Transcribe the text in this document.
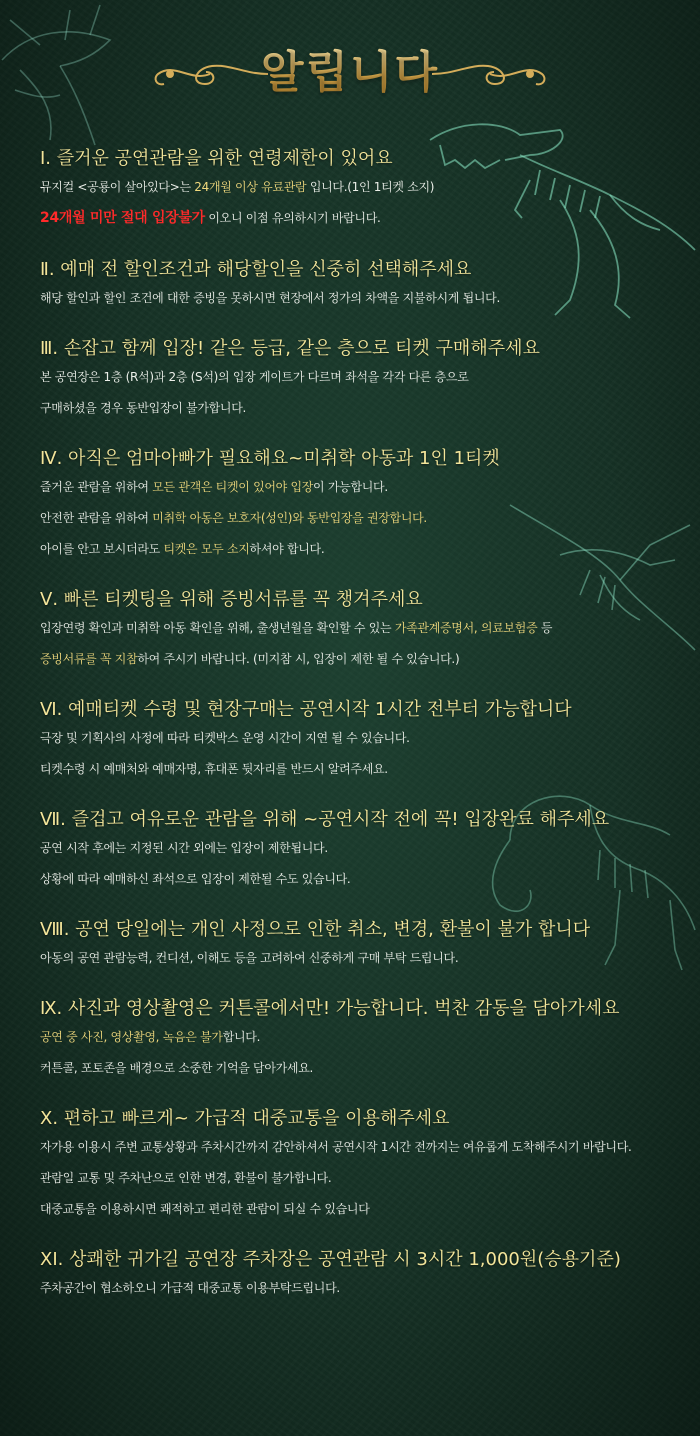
알립니다
Ⅰ. 즐거운 공연관람을 위한 연령제한이 있어요
뮤지컬 <공룡이 살아있다>는 24개월 이상 유료관람 입니다.(1인 1티켓 소지)
24개월 미만 절대 입장불가 이오니 이점 유의하시기 바랍니다.
Ⅱ. 예매 전 할인조건과 해당할인을 신중히 선택해주세요
해당 할인과 할인 조건에 대한 증빙을 못하시면 현장에서 정가의 차액을 지불하시게 됩니다.
Ⅲ. 손잡고 함께 입장! 같은 등급, 같은 층으로 티켓 구매해주세요
본 공연장은 1층 (R석)과 2층 (S석)의 입장 게이트가 다르며 좌석을 각각 다른 층으로
구매하셨을 경우 동반입장이 불가합니다.
Ⅳ. 아직은 엄마아빠가 필요해요~미취학 아동과 1인 1티켓
즐거운 관람을 위하여 모든 관객은 티켓이 있어야 입장이 가능합니다.
안전한 관람을 위하여 미취학 아동은 보호자(성인)와 동반입장을 권장합니다.
아이를 안고 보시더라도 티켓은 모두 소지하셔야 합니다.
Ⅴ. 빠른 티켓팅을 위해 증빙서류를 꼭 챙겨주세요
입장연령 확인과 미취학 아동 확인을 위해, 출생년월을 확인할 수 있는 가족관계증명서, 의료보험증 등
증빙서류를 꼭 지참하여 주시기 바랍니다. (미지참 시, 입장이 제한 될 수 있습니다.)
Ⅵ. 예매티켓 수령 및 현장구매는 공연시작 1시간 전부터 가능합니다
극장 및 기획사의 사정에 따라 티켓박스 운영 시간이 지연 될 수 있습니다.
티켓수령 시 예매처와 예매자명, 휴대폰 뒷자리를 반드시 알려주세요.
Ⅶ. 즐겁고 여유로운 관람을 위해 ~공연시작 전에 꼭! 입장완료 해주세요
공연 시작 후에는 지정된 시간 외에는 입장이 제한됩니다.
상황에 따라 예매하신 좌석으로 입장이 제한될 수도 있습니다.
Ⅷ. 공연 당일에는 개인 사정으로 인한 취소, 변경, 환불이 불가 합니다
아동의 공연 관람능력, 컨디션, 이해도 등을 고려하여 신중하게 구매 부탁 드립니다.
Ⅸ. 사진과 영상촬영은 커튼콜에서만! 가능합니다. 벅찬 감동을 담아가세요
공연 중 사진, 영상촬영, 녹음은 불가합니다.
커튼콜, 포토존을 배경으로 소중한 기억을 담아가세요.
Ⅹ. 편하고 빠르게~ 가급적 대중교통을 이용해주세요
자가용 이용시 주변 교통상황과 주차시간까지 감안하셔서 공연시작 1시간 전까지는 여유롭게 도착해주시기 바랍니다.
관람일 교통 및 주차난으로 인한 변경, 환불이 불가합니다.
대중교통을 이용하시면 쾌적하고 편리한 관람이 되실 수 있습니다
ⅩⅠ. 상쾌한 귀가길 공연장 주차장은 공연관람 시 3시간 1,000원(승용기준)
주차공간이 협소하오니 가급적 대중교통 이용부탁드립니다.
